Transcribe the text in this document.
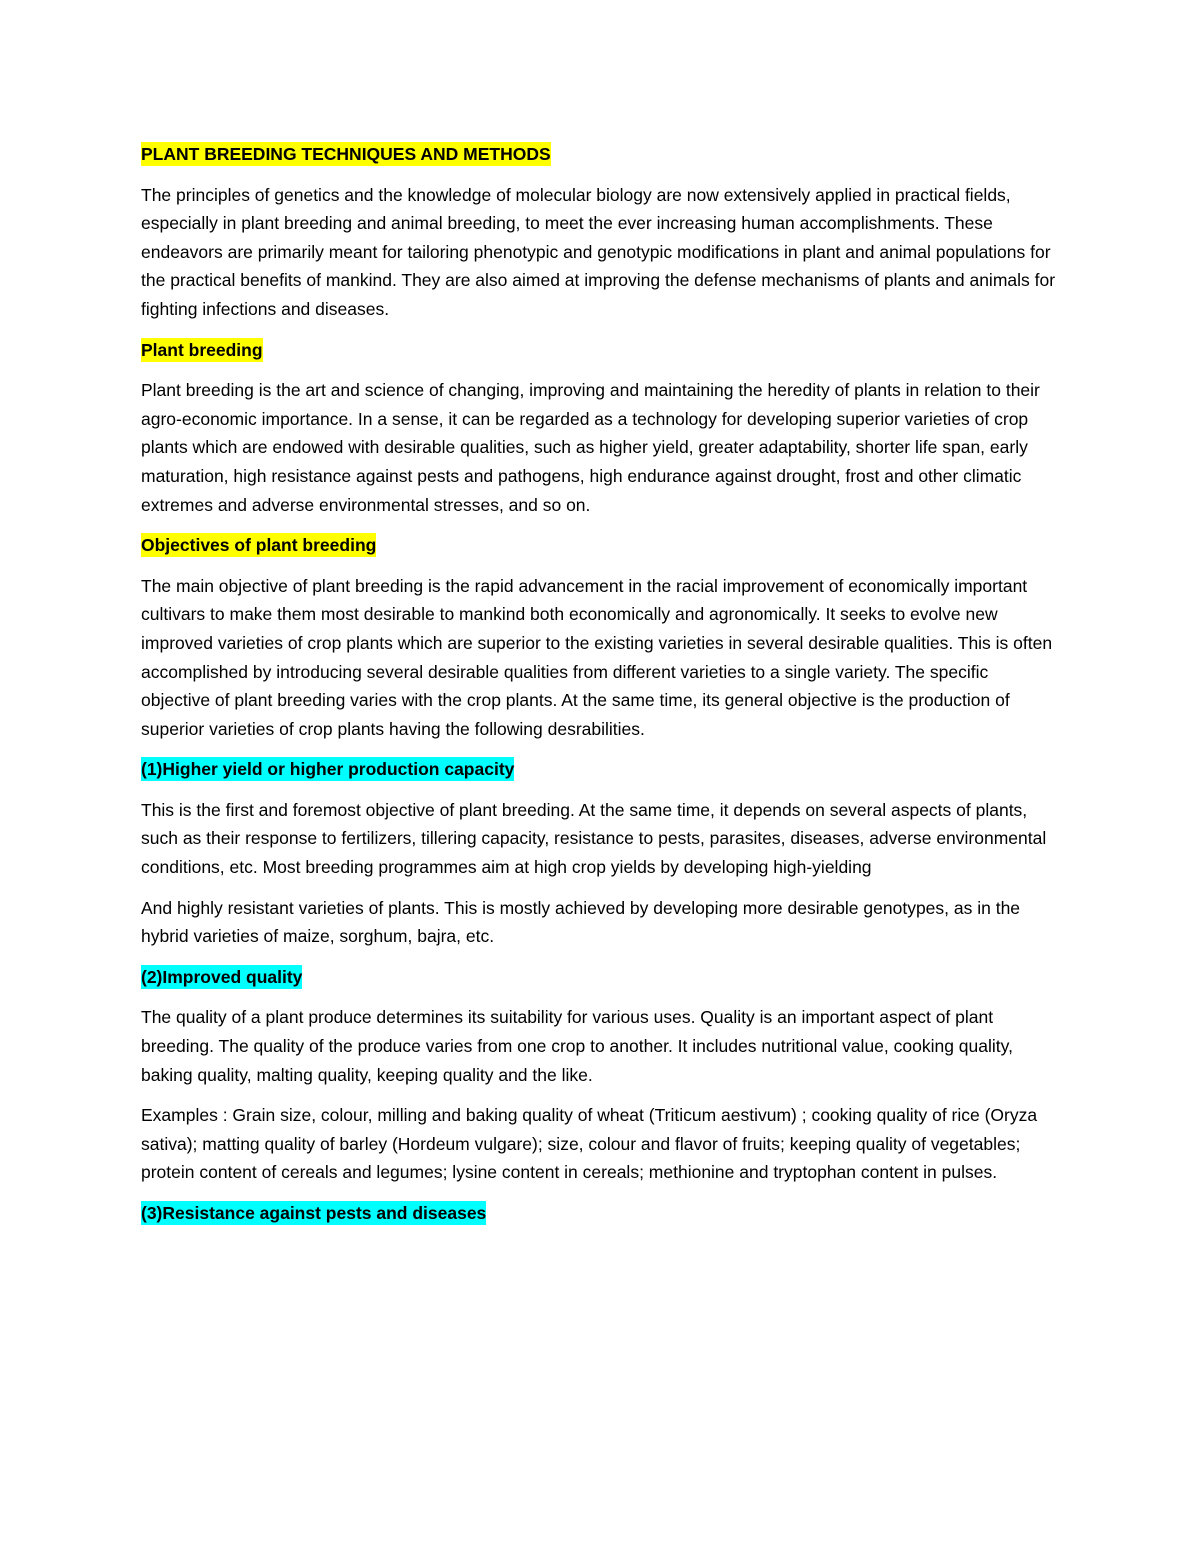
PLANT BREEDING TECHNIQUES AND METHODS

The principles of genetics and the knowledge of molecular biology are now extensively applied in practical fields, especially in plant breeding and animal breeding, to meet the ever increasing human accomplishments. These endeavors are primarily meant for tailoring phenotypic and genotypic modifications in plant and animal populations for the practical benefits of mankind. They are also aimed at improving the defense mechanisms of plants and animals for fighting infections and diseases.

Plant breeding

Plant breeding is the art and science of changing, improving and maintaining the heredity of plants in relation to their agro-economic importance. In a sense, it can be regarded as a technology for developing superior varieties of crop plants which are endowed with desirable qualities, such as higher yield, greater adaptability, shorter life span, early maturation, high resistance against pests and pathogens, high endurance against drought, frost and other climatic extremes and adverse environmental stresses, and so on.

Objectives of plant breeding

The main objective of plant breeding is the rapid advancement in the racial improvement of economically important cultivars to make them most desirable to mankind both economically and agronomically. It seeks to evolve new improved varieties of crop plants which are superior to the existing varieties in several desirable qualities. This is often accomplished by introducing several desirable qualities from different varieties to a single variety. The specific objective of plant breeding varies with the crop plants. At the same time, its general objective is the production of superior varieties of crop plants having the following desrabilities.

(1)Higher yield or higher production capacity

This is the first and foremost objective of plant breeding. At the same time, it depends on several aspects of plants, such as their response to fertilizers, tillering capacity, resistance to pests, parasites, diseases, adverse environmental conditions, etc. Most breeding programmes aim at high crop yields by developing high-yielding

And highly resistant varieties of plants. This is mostly achieved by developing more desirable genotypes, as in the hybrid varieties of maize, sorghum, bajra, etc.

(2)Improved quality

The quality of a plant produce determines its suitability for various uses. Quality is an important aspect of plant breeding. The quality of the produce varies from one crop to another. It includes nutritional value, cooking quality, baking quality, malting quality, keeping quality and the like.

Examples : Grain size, colour, milling and baking quality of wheat (Triticum aestivum) ; cooking quality of rice (Oryza sativa); matting quality of barley (Hordeum vulgare); size, colour and flavor of fruits; keeping quality of vegetables; protein content of cereals and legumes; lysine content in cereals; methionine and tryptophan content in pulses.

(3)Resistance against pests and diseases
